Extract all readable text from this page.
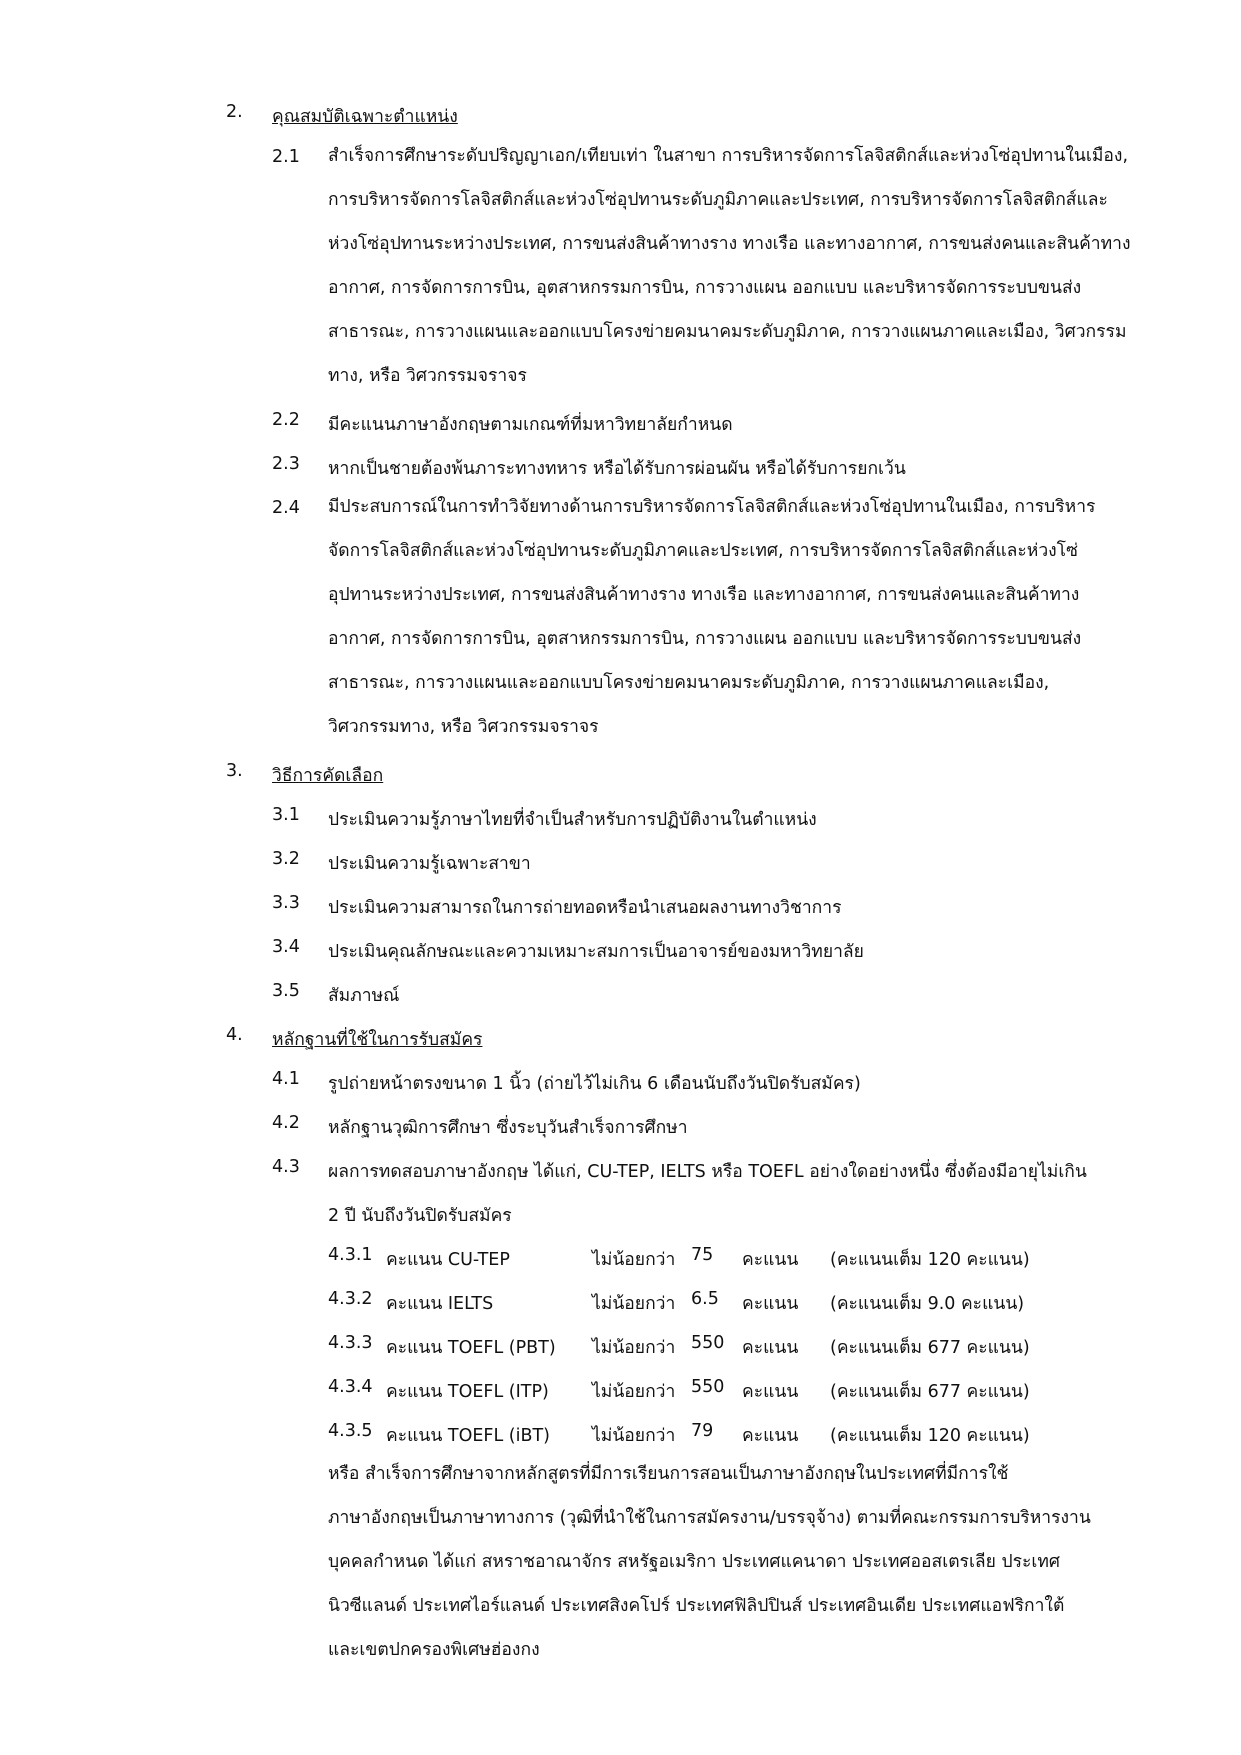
2. คุณสมบัติเฉพาะตำแหน่ง
2.1 สำเร็จการศึกษาระดับปริญญาเอก/เทียบเท่า ในสาขา การบริหารจัดการโลจิสติกส์และห่วงโซ่อุปทานในเมือง,

การบริหารจัดการโลจิสติกส์และห่วงโซ่อุปทานระดับภูมิภาคและประเทศ, การบริหารจัดการโลจิสติกส์และ

ห่วงโซ่อุปทานระหว่างประเทศ, การขนส่งสินค้าทางราง ทางเรือ และทางอากาศ, การขนส่งคนและสินค้าทาง

อากาศ, การจัดการการบิน, อุตสาหกรรมการบิน, การวางแผน ออกแบบ และบริหารจัดการระบบขนส่ง

สาธารณะ, การวางแผนและออกแบบโครงข่ายคมนาคมระดับภูมิภาค, การวางแผนภาคและเมือง, วิศวกรรม

ทาง, หรือ วิศวกรรมจราจร

2.2 มีคะแนนภาษาอังกฤษตามเกณฑ์ที่มหาวิทยาลัยกำหนด
2.3 หากเป็นชายต้องพ้นภาระทางทหาร หรือได้รับการผ่อนผัน หรือได้รับการยกเว้น
2.4 มีประสบการณ์ในการทำวิจัยทางด้านการบริหารจัดการโลจิสติกส์และห่วงโซ่อุปทานในเมือง, การบริหาร

จัดการโลจิสติกส์และห่วงโซ่อุปทานระดับภูมิภาคและประเทศ, การบริหารจัดการโลจิสติกส์และห่วงโซ่

อุปทานระหว่างประเทศ, การขนส่งสินค้าทางราง ทางเรือ และทางอากาศ, การขนส่งคนและสินค้าทาง

อากาศ, การจัดการการบิน, อุตสาหกรรมการบิน, การวางแผน ออกแบบ และบริหารจัดการระบบขนส่ง

สาธารณะ, การวางแผนและออกแบบโครงข่ายคมนาคมระดับภูมิภาค, การวางแผนภาคและเมือง,

วิศวกรรมทาง, หรือ วิศวกรรมจราจร

3. วิธีการคัดเลือก
3.1 ประเมินความรู้ภาษาไทยที่จำเป็นสำหรับการปฏิบัติงานในตำแหน่ง
3.2 ประเมินความรู้เฉพาะสาขา
3.3 ประเมินความสามารถในการถ่ายทอดหรือนำเสนอผลงานทางวิชาการ
3.4 ประเมินคุณลักษณะและความเหมาะสมการเป็นอาจารย์ของมหาวิทยาลัย
3.5 สัมภาษณ์
4. หลักฐานที่ใช้ในการรับสมัคร
4.1 รูปถ่ายหน้าตรงขนาด 1 นิ้ว (ถ่ายไว้ไม่เกิน 6 เดือนนับถึงวันปิดรับสมัคร)
4.2 หลักฐานวุฒิการศึกษา ซึ่งระบุวันสำเร็จการศึกษา
4.3 ผลการทดสอบภาษาอังกฤษ ได้แก่, CU-TEP, IELTS หรือ TOEFL อย่างใดอย่างหนึ่ง ซึ่งต้องมีอายุไม่เกิน
2 ปี นับถึงวันปิดรับสมัคร
4.3.1 คะแนน CU-TEP	ไม่น้อยกว่า 75 คะแนน (คะแนนเต็ม 120 คะแนน)
4.3.2 คะแนน IELTS	ไม่น้อยกว่า 6.5 คะแนน (คะแนนเต็ม 9.0 คะแนน)
4.3.3 คะแนน TOEFL (PBT) ไม่น้อยกว่า 550 คะแนน (คะแนนเต็ม 677 คะแนน)
4.3.4 คะแนน TOEFL (ITP) ไม่น้อยกว่า 550 คะแนน (คะแนนเต็ม 677 คะแนน)
4.3.5 คะแนน TOEFL (iBT) ไม่น้อยกว่า 79 คะแนน (คะแนนเต็ม 120 คะแนน)

หรือ สำเร็จการศึกษาจากหลักสูตรที่มีการเรียนการสอนเป็นภาษาอังกฤษในประเทศที่มีการใช้

ภาษาอังกฤษเป็นภาษาทางการ (วุฒิที่นำใช้ในการสมัครงาน/บรรจุจ้าง) ตามที่คณะกรรมการบริหารงาน

บุคคลกำหนด ได้แก่ สหราชอาณาจักร สหรัฐอเมริกา ประเทศแคนาดา ประเทศออสเตรเลีย ประเทศ

นิวซีแลนด์ ประเทศไอร์แลนด์ ประเทศสิงคโปร์ ประเทศฟิลิปปินส์ ประเทศอินเดีย ประเทศแอฟริกาใต้

และเขตปกครองพิเศษฮ่องกง
